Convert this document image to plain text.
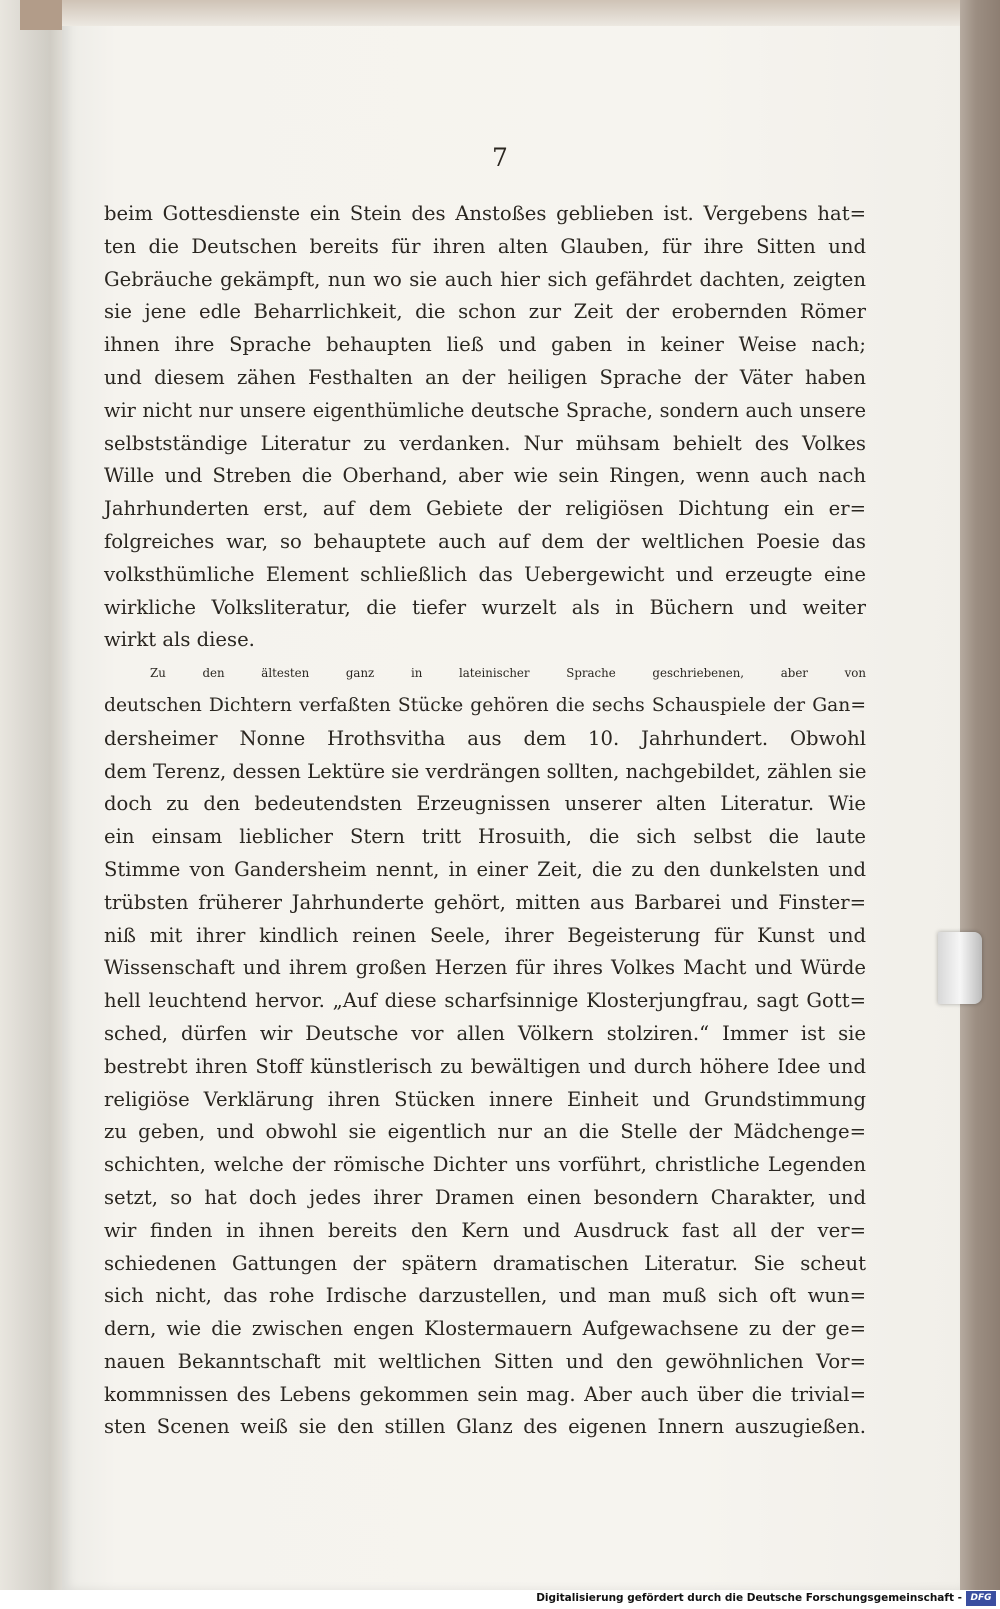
7
beim Gottesdienste ein Stein des Anstoßes geblieben ist. Vergebens hat=
ten die Deutschen bereits für ihren alten Glauben, für ihre Sitten und
Gebräuche gekämpft, nun wo sie auch hier sich gefährdet dachten, zeigten
sie jene edle Beharrlichkeit, die schon zur Zeit der erobernden Römer
ihnen ihre Sprache behaupten ließ und gaben in keiner Weise nach;
und diesem zähen Festhalten an der heiligen Sprache der Väter haben
wir nicht nur unsere eigenthümliche deutsche Sprache, sondern auch unsere
selbstständige Literatur zu verdanken. Nur mühsam behielt des Volkes
Wille und Streben die Oberhand, aber wie sein Ringen, wenn auch nach
Jahrhunderten erst, auf dem Gebiete der religiösen Dichtung ein er=
folgreiches war, so behauptete auch auf dem der weltlichen Poesie das
volksthümliche Element schließlich das Uebergewicht und erzeugte eine
wirkliche Volksliteratur, die tiefer wurzelt als in Büchern und weiter
wirkt als diese.
Zu den ältesten ganz in lateinischer Sprache geschriebenen, aber von
deutschen Dichtern verfaßten Stücke gehören die sechs Schauspiele der Gan=
dersheimer Nonne Hrothsvitha aus dem 10. Jahrhundert. Obwohl
dem Terenz, dessen Lektüre sie verdrängen sollten, nachgebildet, zählen sie
doch zu den bedeutendsten Erzeugnissen unserer alten Literatur. Wie
ein einsam lieblicher Stern tritt Hrosuith, die sich selbst die laute
Stimme von Gandersheim nennt, in einer Zeit, die zu den dunkelsten und
trübsten früherer Jahrhunderte gehört, mitten aus Barbarei und Finster=
niß mit ihrer kindlich reinen Seele, ihrer Begeisterung für Kunst und
Wissenschaft und ihrem großen Herzen für ihres Volkes Macht und Würde
hell leuchtend hervor. „Auf diese scharfsinnige Klosterjungfrau, sagt Gott=
sched, dürfen wir Deutsche vor allen Völkern stolziren.“ Immer ist sie
bestrebt ihren Stoff künstlerisch zu bewältigen und durch höhere Idee und
religiöse Verklärung ihren Stücken innere Einheit und Grundstimmung
zu geben, und obwohl sie eigentlich nur an die Stelle der Mädchenge=
schichten, welche der römische Dichter uns vorführt, christliche Legenden
setzt, so hat doch jedes ihrer Dramen einen besondern Charakter, und
wir finden in ihnen bereits den Kern und Ausdruck fast all der ver=
schiedenen Gattungen der spätern dramatischen Literatur. Sie scheut
sich nicht, das rohe Irdische darzustellen, und man muß sich oft wun=
dern, wie die zwischen engen Klostermauern Aufgewachsene zu der ge=
nauen Bekanntschaft mit weltlichen Sitten und den gewöhnlichen Vor=
kommnissen des Lebens gekommen sein mag. Aber auch über die trivial=
sten Scenen weiß sie den stillen Glanz des eigenen Innern auszugießen.
Digitalisierung gefördert durch die Deutsche Forschungsgemeinschaft - DFG
